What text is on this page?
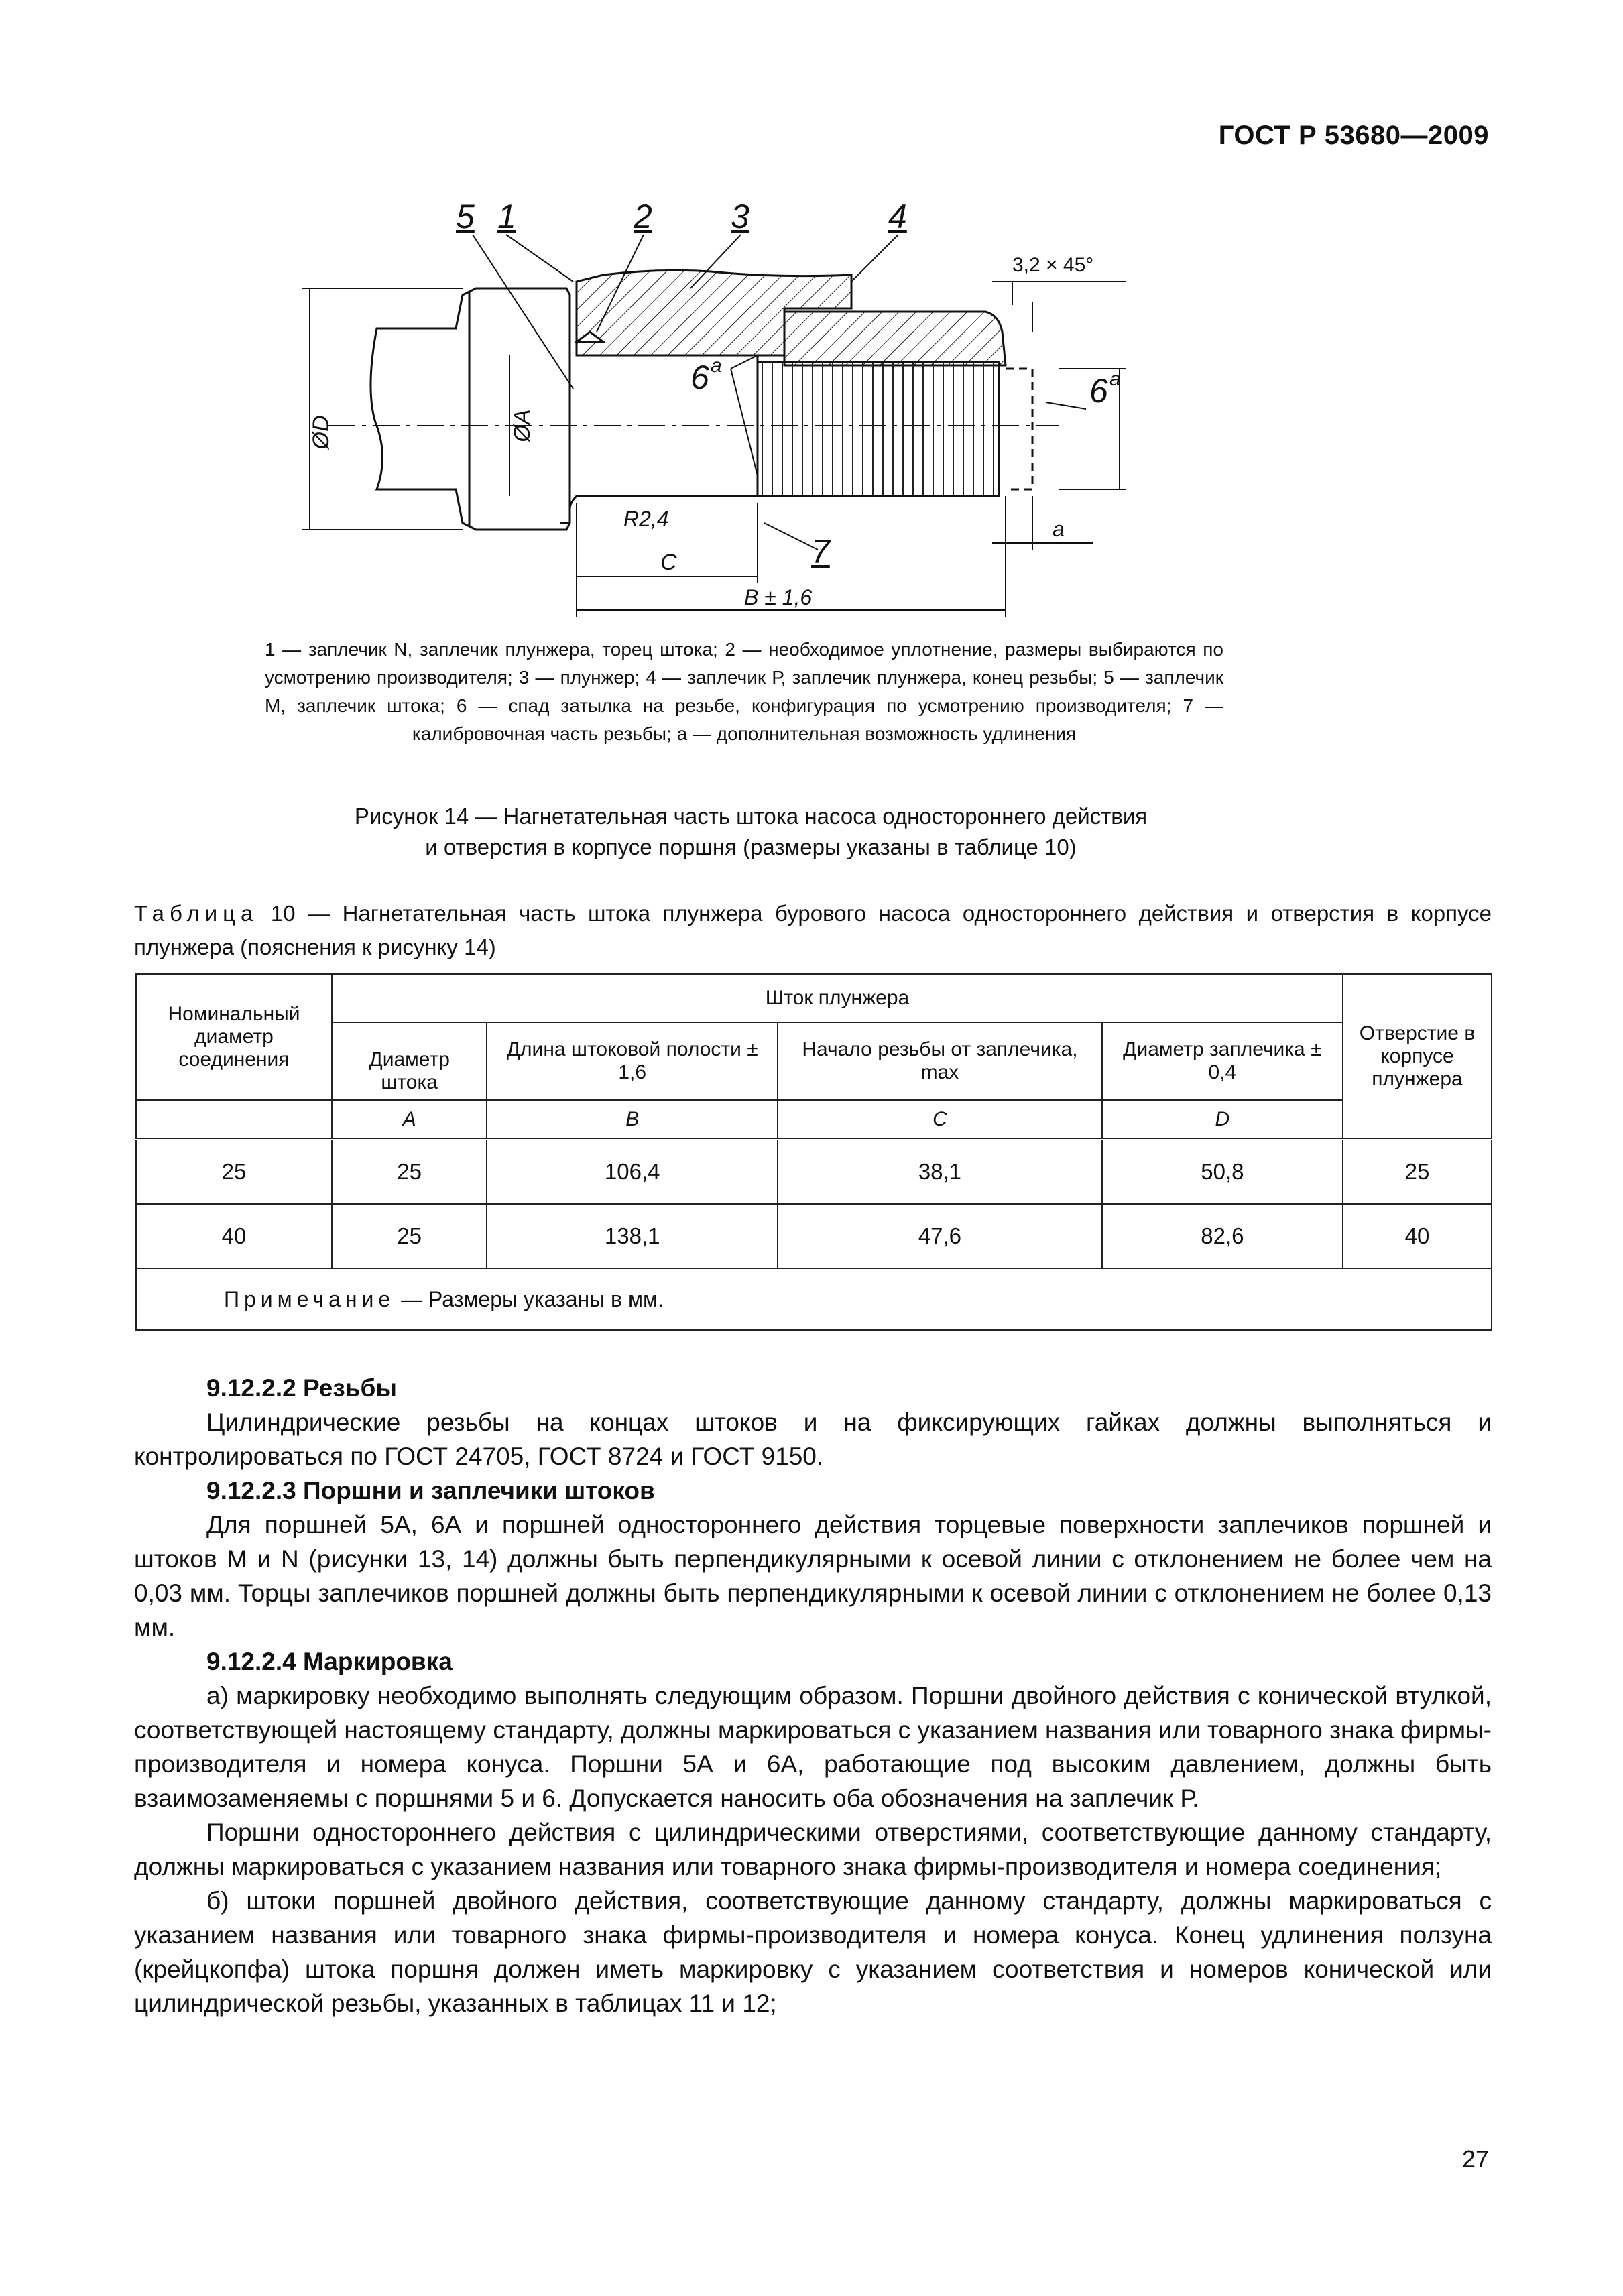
ГОСТ Р 53680—2009
5 1	2 3	4
6 a
6 a
7
ØD	ØA
R2,4
C
B ± 1,6
a
3,2 × 45°
1 — заплечик N, заплечик плунжера, торец штока; 2 — необходимое уплотнение, размеры выбираются по усмотрению производителя; 3 — плунжер; 4 — заплечик Р, заплечик плунжера, конец резьбы; 5 — заплечик M, заплечик штока; 6 — спад затылка на резьбе, конфигурация по усмотрению производителя; 7 — калибровочная часть резьбы; а — дополнительная возможность удлинения
Рисунок 14 — Нагнетательная часть штока насоса одностороннего действия
и отверстия в корпусе поршня (размеры указаны в таблице 10)
Таблица 10 — Нагнетательная часть штока плунжера бурового насоса одностороннего действия и отверстия в корпусе плунжера (пояснения к рисунку 14)
Номинальный диаметр соединения	Шток плунжера				Отверстие в корпусе плунжера
	Диаметр штока	Длина штоковой полости ± 1,6	Начало резьбы от заплечика, max	Диаметр заплечика ± 0,4	
	A	B	C	D	
25	25	106,4	38,1	50,8	25
40	25	138,1	47,6	82,6	40
Примечание — Размеры указаны в мм.					
9.12.2.2 Резьбы

Цилиндрические резьбы на концах штоков и на фиксирующих гайках должны выполняться и контролироваться по ГОСТ 24705, ГОСТ 8724 и ГОСТ 9150.

9.12.2.3 Поршни и заплечики штоков

Для поршней 5А, 6А и поршней одностороннего действия торцевые поверхности заплечиков поршней и штоков M и N (рисунки 13, 14) должны быть перпендикулярными к осевой линии с отклонением не более чем на 0,03 мм. Торцы заплечиков поршней должны быть перпендикулярными к осевой линии с отклонением не более 0,13 мм.

9.12.2.4 Маркировка

а) маркировку необходимо выполнять следующим образом. Поршни двойного действия с конической втулкой, соответствующей настоящему стандарту, должны маркироваться с указанием названия или товарного знака фирмы-производителя и номера конуса. Поршни 5А и 6А, работающие под высоким давлением, должны быть взаимозаменяемы с поршнями 5 и 6. Допускается наносить оба обозначения на заплечик Р.

Поршни одностороннего действия с цилиндрическими отверстиями, соответствующие данному стандарту, должны маркироваться с указанием названия или товарного знака фирмы-производителя и номера соединения;

б) штоки поршней двойного действия, соответствующие данному стандарту, должны маркироваться с указанием названия или товарного знака фирмы-производителя и номера конуса. Конец удлинения ползуна (крейцкопфа) штока поршня должен иметь маркировку с указанием соответствия и номеров конической или цилиндрической резьбы, указанных в таблицах 11 и 12;

27
